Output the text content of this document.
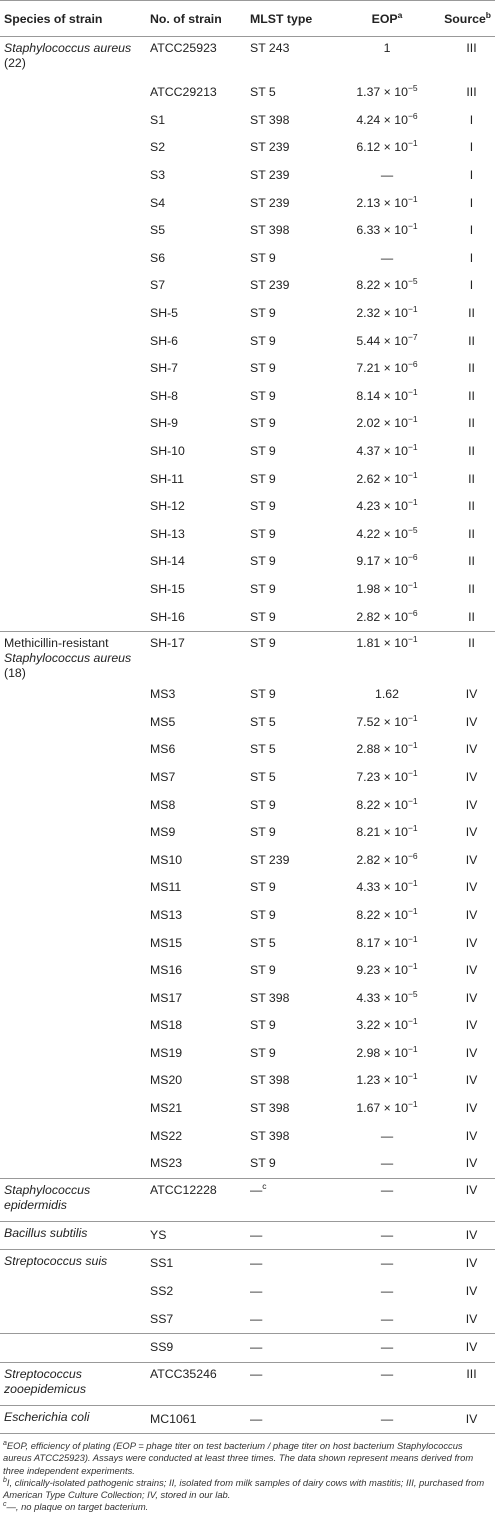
Species of strain	No. of strain	MLST type	EOP$^a$	Source$^b$
Staphylococcus aureus (22)	ATCC25923	ST 243	1	III
	ATCC29213	ST 5	$1.37 \times 10^{-5}$	III
	S1	ST 398	$4.24 \times 10^{-6}$	I
	S2	ST 239	$6.12 \times 10^{-1}$	I
	S3	ST 239	—	I
	S4	ST 239	$2.13 \times 10^{-1}$	I
	S5	ST 398	$6.33 \times 10^{-1}$	I
	S6	ST 9	—	I
	S7	ST 239	$8.22 \times 10^{-5}$	I
	SH-5	ST 9	$2.32 \times 10^{-1}$	II
	SH-6	ST 9	$5.44 \times 10^{-7}$	II
	SH-7	ST 9	$7.21 \times 10^{-6}$	II
	SH-8	ST 9	$8.14 \times 10^{-1}$	II
	SH-9	ST 9	$2.02 \times 10^{-1}$	II
	SH-10	ST 9	$4.37 \times 10^{-1}$	II
	SH-11	ST 9	$2.62 \times 10^{-1}$	II
	SH-12	ST 9	$4.23 \times 10^{-1}$	II
	SH-13	ST 9	$4.22 \times 10^{-5}$	II
	SH-14	ST 9	$9.17 \times 10^{-6}$	II
	SH-15	ST 9	$1.98 \times 10^{-1}$	II
	SH-16	ST 9	$2.82 \times 10^{-6}$	II
Methicillin-resistant Staphylococcus aureus (18)	SH-17	ST 9	$1.81 \times 10^{-1}$	II
	MS3	ST 9	1.62	IV
	MS5	ST 5	$7.52 \times 10^{-1}$	IV
	MS6	ST 5	$2.88 \times 10^{-1}$	IV
	MS7	ST 5	$7.23 \times 10^{-1}$	IV
	MS8	ST 9	$8.22 \times 10^{-1}$	IV
	MS9	ST 9	$8.21 \times 10^{-1}$	IV
	MS10	ST 239	$2.82 \times 10^{-6}$	IV
	MS11	ST 9	$4.33 \times 10^{-1}$	IV
	MS13	ST 9	$8.22 \times 10^{-1}$	IV
	MS15	ST 5	$8.17 \times 10^{-1}$	IV
	MS16	ST 9	$9.23 \times 10^{-1}$	IV
	MS17	ST 398	$4.33 \times 10^{-5}$	IV
	MS18	ST 9	$3.22 \times 10^{-1}$	IV
	MS19	ST 9	$2.98 \times 10^{-1}$	IV
	MS20	ST 398	$1.23 \times 10^{-1}$	IV
	MS21	ST 398	$1.67 \times 10^{-1}$	IV
	MS22	ST 398	—	IV
	MS23	ST 9	—	IV
Staphylococcus epidermidis	ATCC12228	—$^c$	—	IV
Bacillus subtilis	YS	—	—	IV
Streptococcus suis	SS1	—	—	IV
	SS2	—	—	IV
	SS7	—	—	IV
	SS9	—	—	IV
Streptococcus zooepidemicus	ATCC35246	—	—	III
Escherichia coli	MC1061	—	—	IV

$^a$EOP, efficiency of plating (EOP = phage titer on test bacterium / phage titer on host bacterium Staphylococcus aureus ATCC25923). Assays were conducted at least three times. The data shown represent means derived from three independent experiments.

$^b$I, clinically-isolated pathogenic strains; II, isolated from milk samples of dairy cows with mastitis; III, purchased from American Type Culture Collection; IV, stored in our lab.

$^c$—, no plaque on target bacterium.
